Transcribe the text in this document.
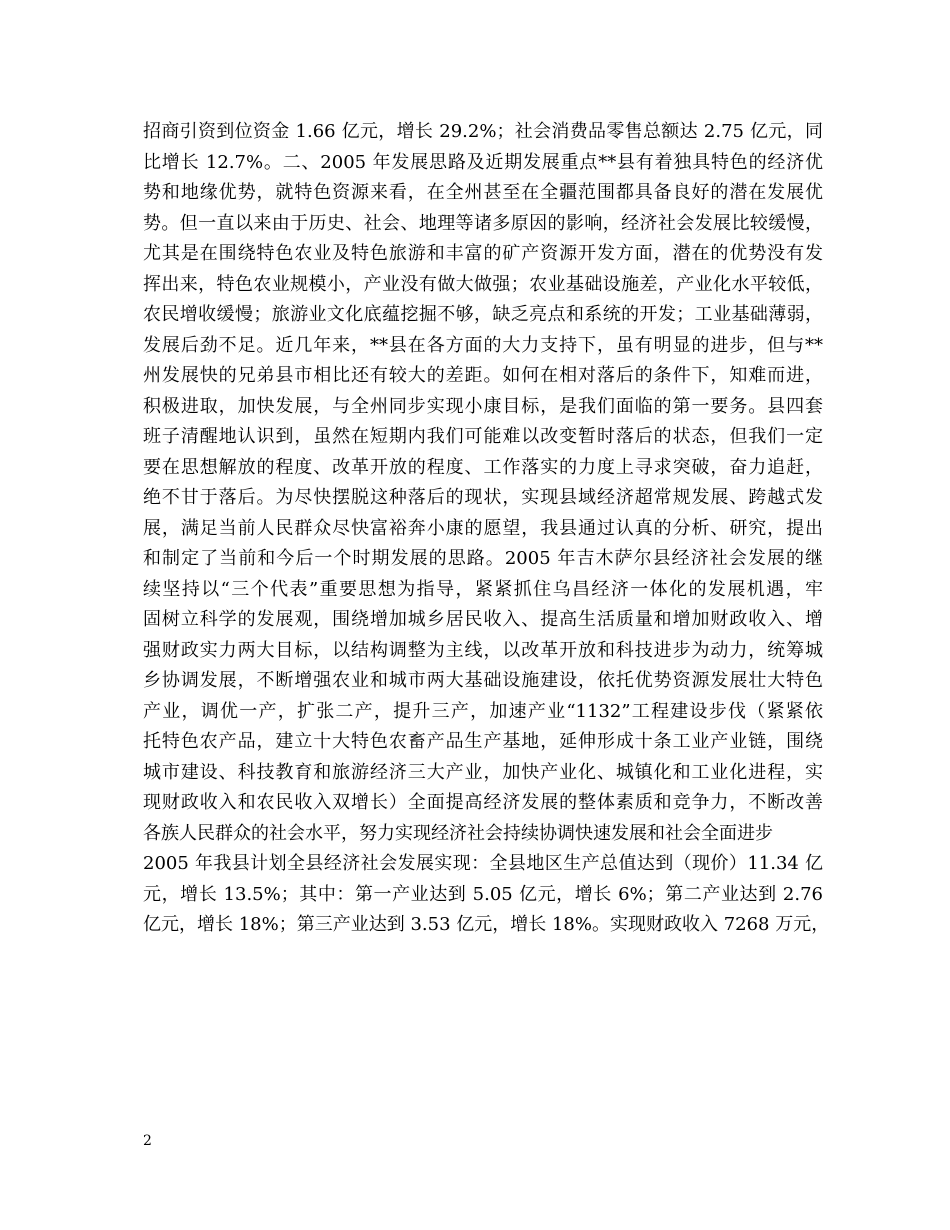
招商引资到位资金 1.66 亿元，增长 29.2%；社会消费品零售总额达 2.75 亿元，同
比增长 12.7%。二、2005 年发展思路及近期发展重点**县有着独具特色的经济优
势和地缘优势，就特色资源来看，在全州甚至在全疆范围都具备良好的潜在发展优
势。但一直以来由于历史、社会、地理等诸多原因的影响，经济社会发展比较缓慢，
尤其是在围绕特色农业及特色旅游和丰富的矿产资源开发方面，潜在的优势没有发
挥出来，特色农业规模小，产业没有做大做强；农业基础设施差，产业化水平较低，
农民增收缓慢；旅游业文化底蕴挖掘不够，缺乏亮点和系统的开发；工业基础薄弱，
发展后劲不足。近几年来，**县在各方面的大力支持下，虽有明显的进步，但与**
州发展快的兄弟县市相比还有较大的差距。如何在相对落后的条件下，知难而进，
积极进取，加快发展，与全州同步实现小康目标，是我们面临的第一要务。县四套
班子清醒地认识到，虽然在短期内我们可能难以改变暂时落后的状态，但我们一定
要在思想解放的程度、改革开放的程度、工作落实的力度上寻求突破，奋力追赶，
绝不甘于落后。为尽快摆脱这种落后的现状，实现县域经济超常规发展、跨越式发
展，满足当前人民群众尽快富裕奔小康的愿望，我县通过认真的分析、研究，提出
和制定了当前和今后一个时期发展的思路。2005 年吉木萨尔县经济社会发展的继
续坚持以“三个代表”重要思想为指导，紧紧抓住乌昌经济一体化的发展机遇，牢
固树立科学的发展观，围绕增加城乡居民收入、提高生活质量和增加财政收入、增
强财政实力两大目标，以结构调整为主线，以改革开放和科技进步为动力，统筹城
乡协调发展，不断增强农业和城市两大基础设施建设，依托优势资源发展壮大特色
产业，调优一产，扩张二产，提升三产，加速产业“1132”工程建设步伐（紧紧依
托特色农产品，建立十大特色农畜产品生产基地，延伸形成十条工业产业链，围绕
城市建设、科技教育和旅游经济三大产业，加快产业化、城镇化和工业化进程，实
现财政收入和农民收入双增长）全面提高经济发展的整体素质和竞争力，不断改善
各族人民群众的社会水平，努力实现经济社会持续协调快速发展和社会全面进步
2005 年我县计划全县经济社会发展实现：全县地区生产总值达到（现价）11.34 亿
元，增长 13.5%；其中：第一产业达到 5.05 亿元，增长 6%；第二产业达到 2.76
亿元，增长 18%；第三产业达到 3.53 亿元，增长 18%。实现财政收入 7268 万元，
2
